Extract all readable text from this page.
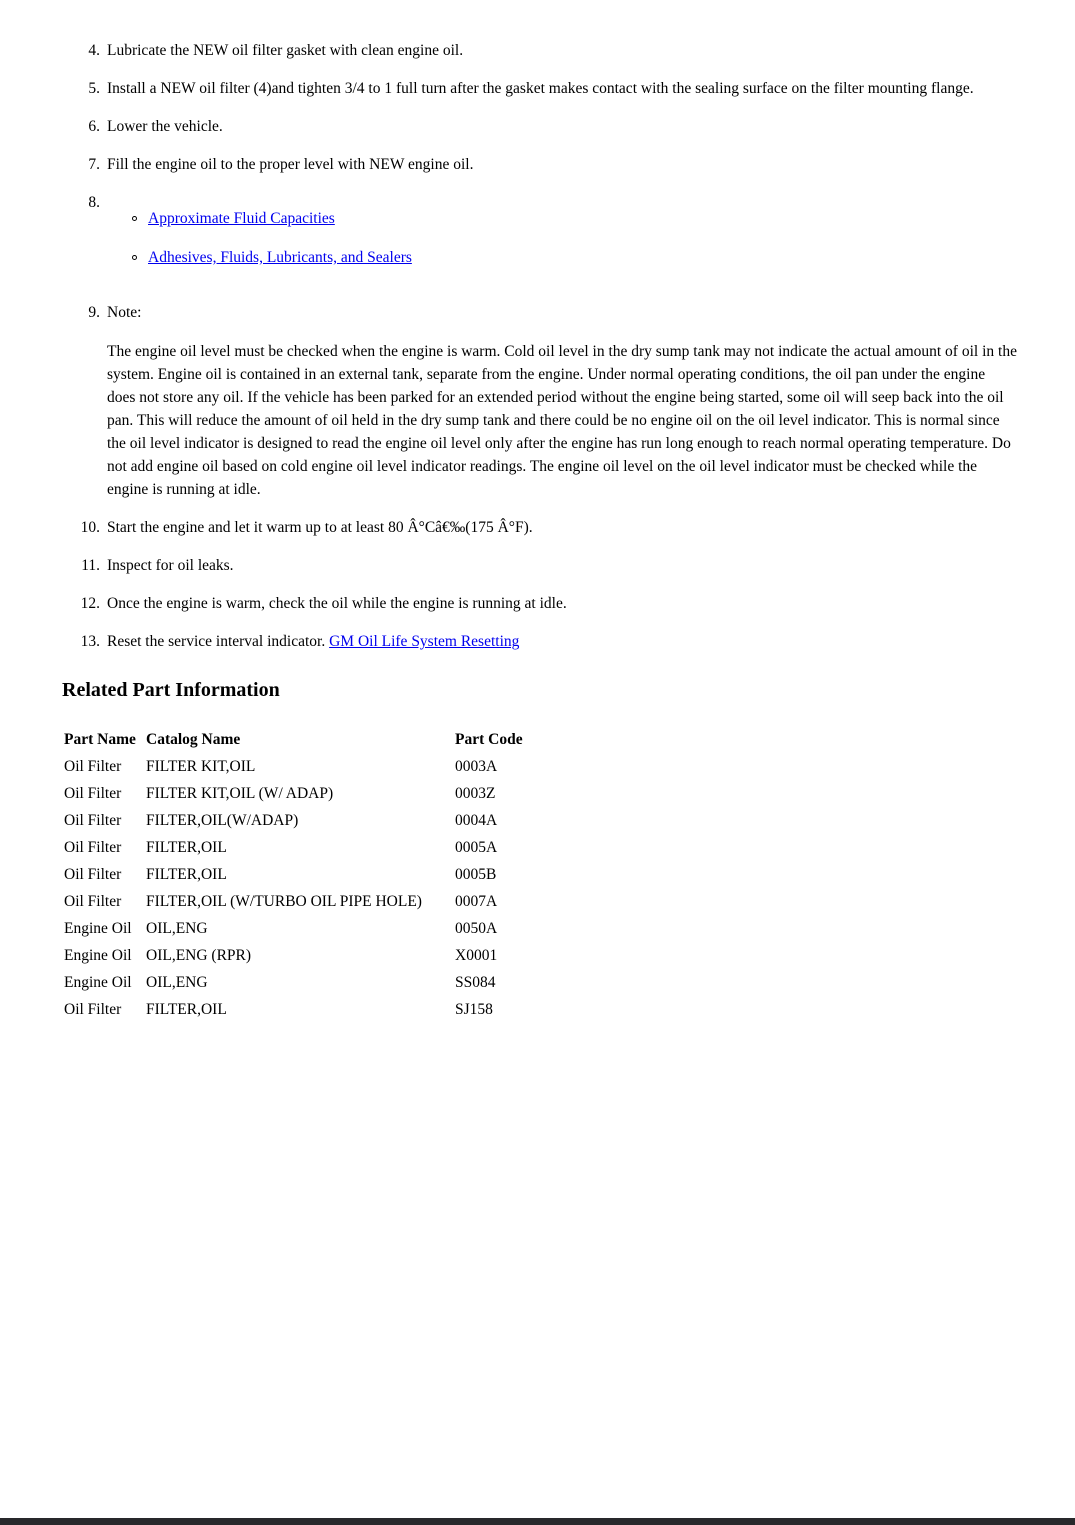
4. Lubricate the NEW oil filter gasket with clean engine oil.
5. Install a NEW oil filter (4)and tighten 3/4 to 1 full turn after the gasket makes contact with the sealing surface on the filter mounting flange.
6. Lower the vehicle.
7. Fill the engine oil to the proper level with NEW engine oil.
8.
Approximate Fluid Capacities
Adhesives, Fluids, Lubricants, and Sealers
9. Note:

The engine oil level must be checked when the engine is warm. Cold oil level in the dry sump tank may not indicate the actual amount of oil in the system. Engine oil is contained in an external tank, separate from the engine. Under normal operating conditions, the oil pan under the engine does not store any oil. If the vehicle has been parked for an extended period without the engine being started, some oil will seep back into the oil pan. This will reduce the amount of oil held in the dry sump tank and there could be no engine oil on the oil level indicator. This is normal since the oil level indicator is designed to read the engine oil level only after the engine has run long enough to reach normal operating temperature. Do not add engine oil based on cold engine oil level indicator readings. The engine oil level on the oil level indicator must be checked while the engine is running at idle.

10. Start the engine and let it warm up to at least 80 Â°Câ€‰(175 Â°F).
11. Inspect for oil leaks.
12. Once the engine is warm, check the oil while the engine is running at idle.
13. Reset the service interval indicator. GM Oil Life System Resetting
Related Part Information
Part Name	Catalog Name	Part Code
Oil Filter	FILTER KIT,OIL	0003A
Oil Filter	FILTER KIT,OIL (W/ ADAP)	0003Z
Oil Filter	FILTER,OIL(W/ADAP)	0004A
Oil Filter	FILTER,OIL	0005A
Oil Filter	FILTER,OIL	0005B
Oil Filter	FILTER,OIL (W/TURBO OIL PIPE HOLE)	0007A
Engine Oil	OIL,ENG	0050A
Engine Oil	OIL,ENG (RPR)	X0001
Engine Oil	OIL,ENG	SS084
Oil Filter	FILTER,OIL	SJ158
